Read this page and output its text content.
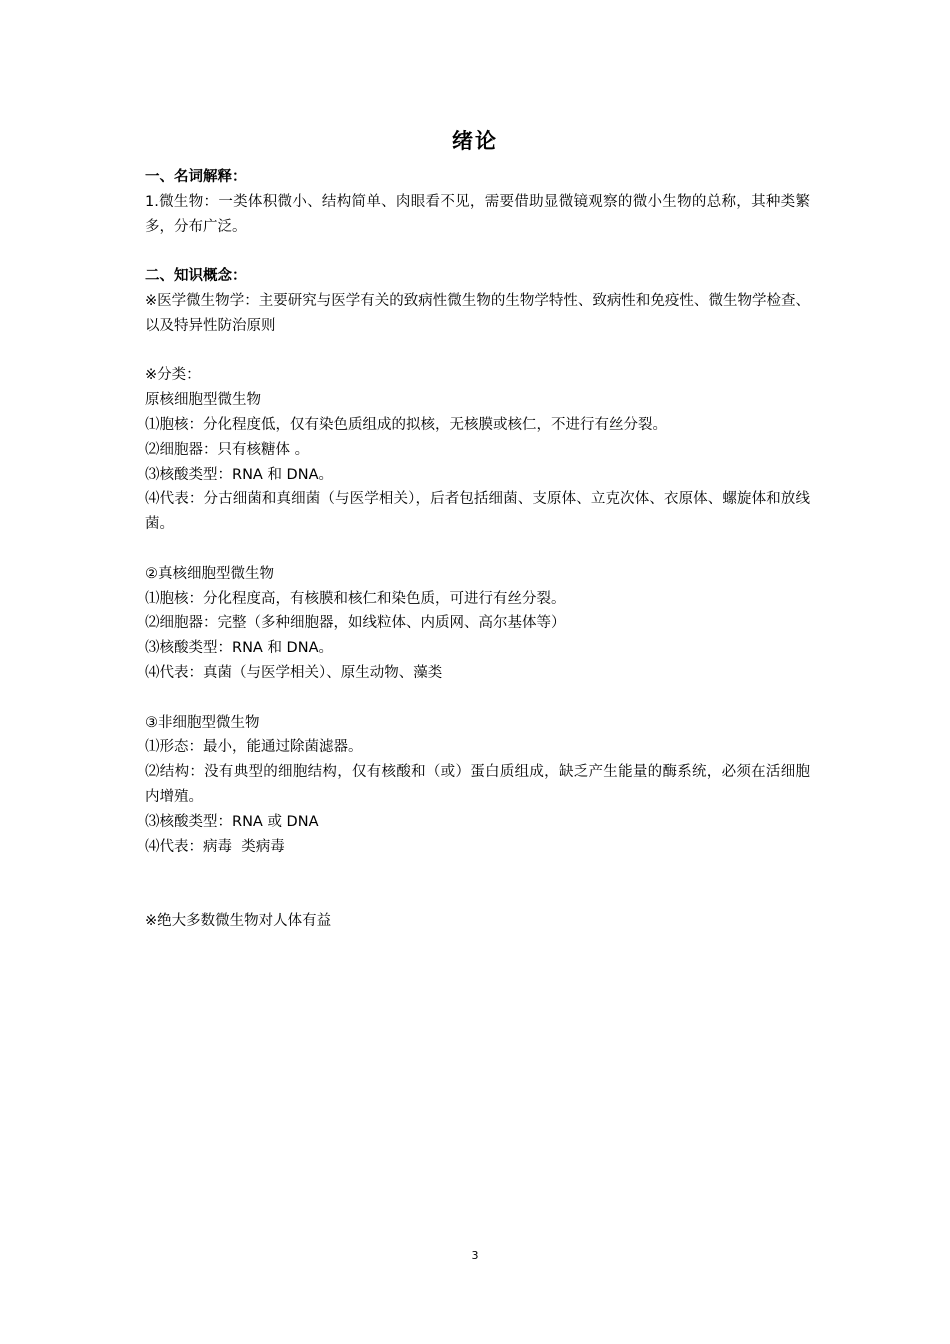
绪论
一、名词解释：
1.微生物：一类体积微小、结构简单、肉眼看不见，需要借助显微镜观察的微小生物的总称，其种类繁多，分布广泛。
二、知识概念：
※医学微生物学：主要研究与医学有关的致病性微生物的生物学特性、致病性和免疫性、微生物学检查、以及特异性防治原则
※分类：
原核细胞型微生物
⑴胞核：分化程度低，仅有染色质组成的拟核，无核膜或核仁，不进行有丝分裂。
⑵细胞器：只有核糖体 。
⑶核酸类型：RNA 和 DNA。
⑷代表：分古细菌和真细菌（与医学相关），后者包括细菌、支原体、立克次体、衣原体、螺旋体和放线菌。
②真核细胞型微生物
⑴胞核：分化程度高，有核膜和核仁和染色质，可进行有丝分裂。
⑵细胞器：完整（多种细胞器，如线粒体、内质网、高尔基体等）
⑶核酸类型：RNA 和 DNA。
⑷代表：真菌（与医学相关）、原生动物、藻类
③非细胞型微生物
⑴形态：最小，能通过除菌滤器。
⑵结构：没有典型的细胞结构，仅有核酸和（或）蛋白质组成，缺乏产生能量的酶系统，必须在活细胞内增殖。
⑶核酸类型：RNA 或 DNA
⑷代表：病毒  类病毒
※绝大多数微生物对人体有益
3
